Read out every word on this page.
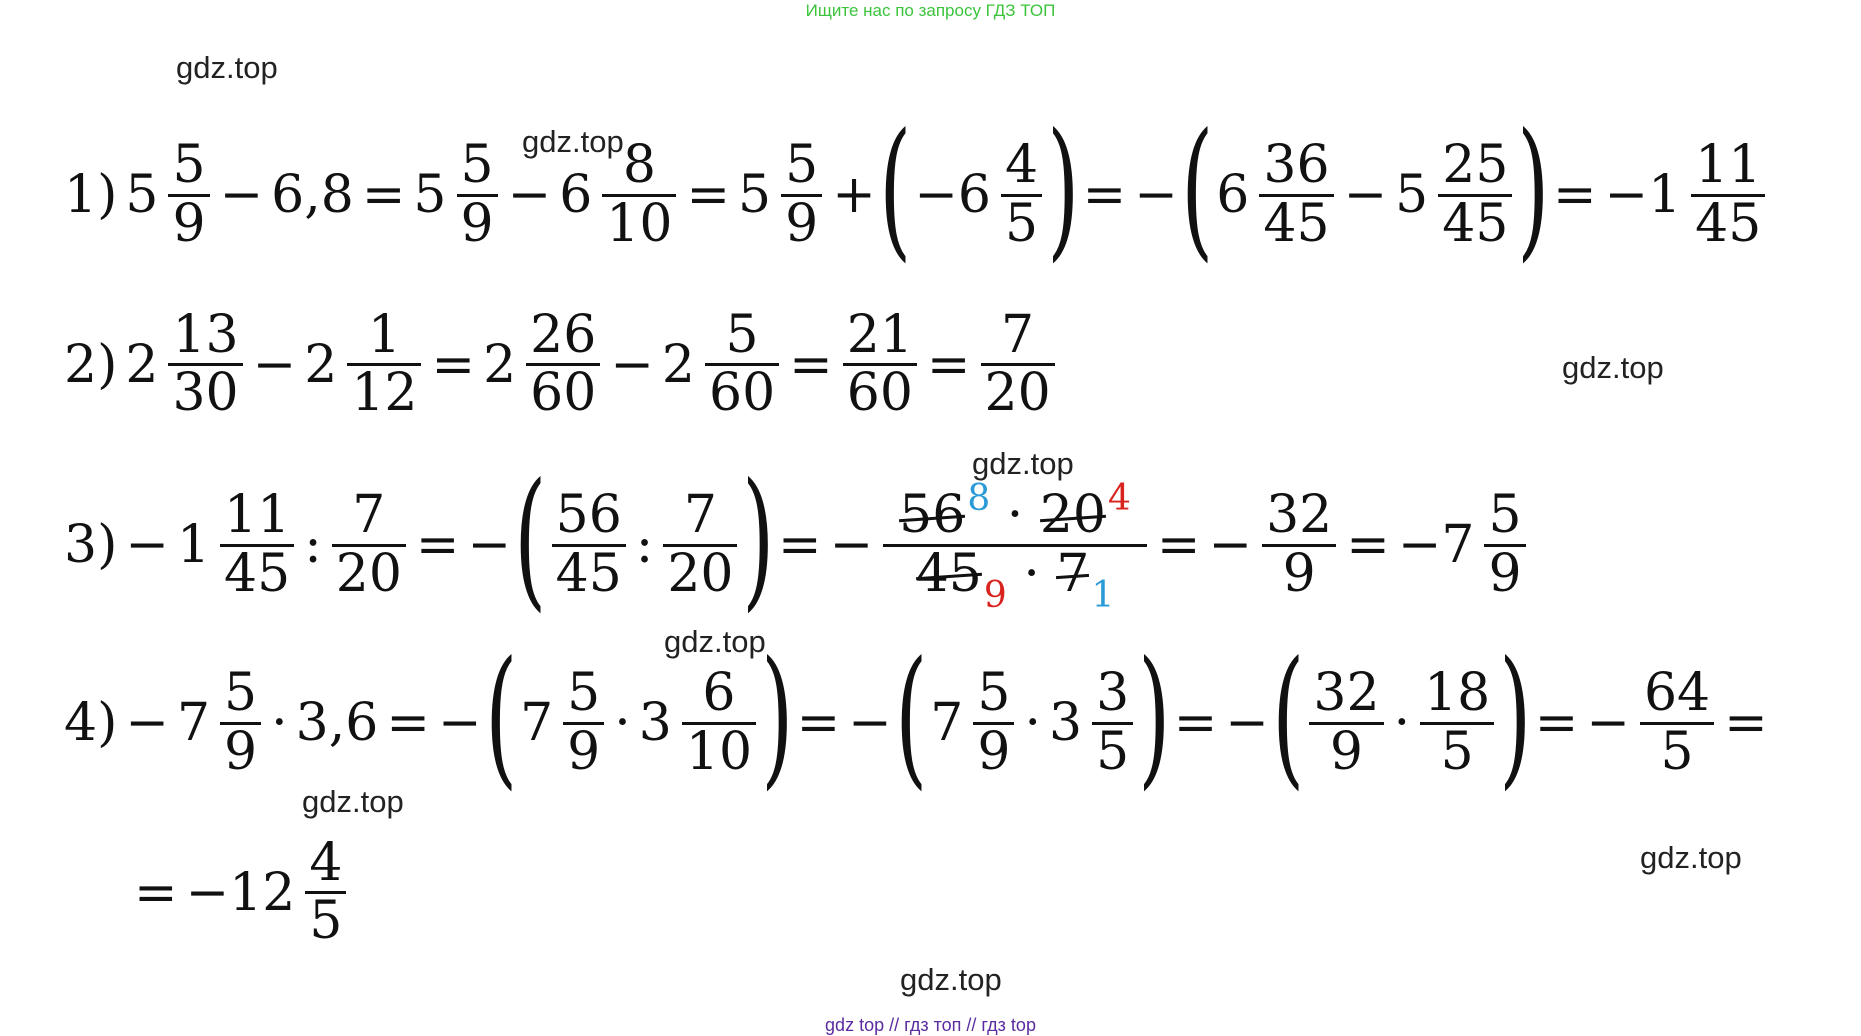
Ищите нас по запросу ГДЗ ТОП
gdz.top
gdz.top
gdz.top
gdz.top
gdz.top
gdz.top
gdz.top
gdz.top
1) $5 \frac{5}{9} - 6,8 = 5 \frac{5}{9} - 6 \frac{8}{10} = 5 \frac{5}{9}$ + ( $-6 \frac{4}{5}$ ) = − ( $6 \frac{36}{45} - 5 \frac{25}{45}$ ) = $-1 \frac{11}{45}$
2) $2 \frac{13}{30} - 2 \frac{1}{12} = 2 \frac{26}{60} - 2 \frac{5}{60} = \frac{21}{60} = \frac{7}{20}$
$3) - 1 \frac{11}{45}$ : $\frac{7}{20}$ = − ( $\frac{56}{45}$ : $\frac{7}{20}$ ) = − $\frac{56^8 \cdot 20^4}{45_9 \cdot 7_1}$ = − $\frac{32}{9} = -7 \frac{5}{9}$
$4) - 7 \frac{5}{9} \cdot 3,6$ = − ( $7 \frac{5}{9} \cdot 3 \frac{6}{10}$ ) = − ( $7 \frac{5}{9} \cdot 3 \frac{3}{5}$ ) = − ( $\frac{32}{9} \cdot \frac{18}{5}$ ) = − $\frac{64}{5}$ =
= $-12 \frac{4}{5}$
gdz top // гдз топ // гдз top
